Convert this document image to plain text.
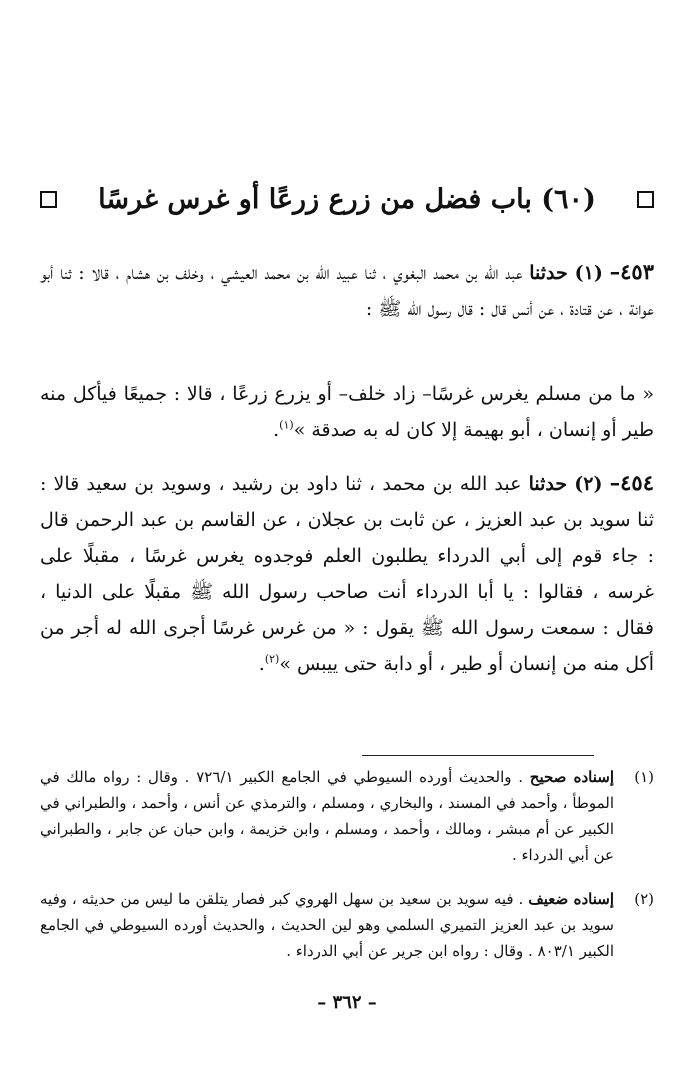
(٦٠) باب فضل من زرع زرعًا أو غرس غرسًا
٤٥٣– (١) حدثنا عبد الله بن محمد البغوي ، ثنا عبيد الله بن محمد العيشي ، وخلف بن هشام ، قالا : ثنا أبو عوانة ، عن قتادة ، عن أنس قال : قال رسول الله ﷺ :
« ما من مسلم يغرس غرسًا– زاد خلف– أو يزرع زرعًا ، قالا : جميعًا فيأكل منه طير أو إنسان ، أبو بهيمة إلا كان له به صدقة »$^{(١)}$.
٤٥٤– (٢) حدثنا عبد الله بن محمد ، ثنا داود بن رشيد ، وسويد بن سعيد قالا : ثنا سويد بن عبد العزيز ، عن ثابت بن عجلان ، عن القاسم بن عبد الرحمن قال : جاء قوم إلى أبي الدرداء يطلبون العلم فوجدوه يغرس غرسًا ، مقبلًا على غرسه ، فقالوا : يا أبا الدرداء أنت صاحب رسول الله ﷺ مقبلًا على الدنيا ، فقال : سمعت رسول الله ﷺ يقول : « من غرس غرسًا أجرى الله له أجر من أكل منه من إنسان أو طير ، أو دابة حتى ييبس »$^{(٢)}$.
(١)
إسناده صحيح . والحديث أورده السيوطي في الجامع الكبير ٧٢٦/١ . وقال : رواه مالك في الموطأ ، وأحمد في المسند ، والبخاري ، ومسلم ، والترمذي عن أنس ، وأحمد ، والطبراني في الكبير عن أم مبشر ، ومالك ، وأحمد ، ومسلم ، وابن خزيمة ، وابن حبان عن جابر ، والطبراني عن أبي الدرداء .
(٢)
إسناده ضعيف . فيه سويد بن سعيد بن سهل الهروي كبر فصار يتلقن ما ليس من حديثه ، وفيه سويد بن عبد العزيز التميري السلمي وهو لين الحديث ، والحديث أورده السيوطي في الجامع الكبير ٨٠٣/١ . وقال : رواه ابن جرير عن أبي الدرداء .
– ٣٦٢ –
